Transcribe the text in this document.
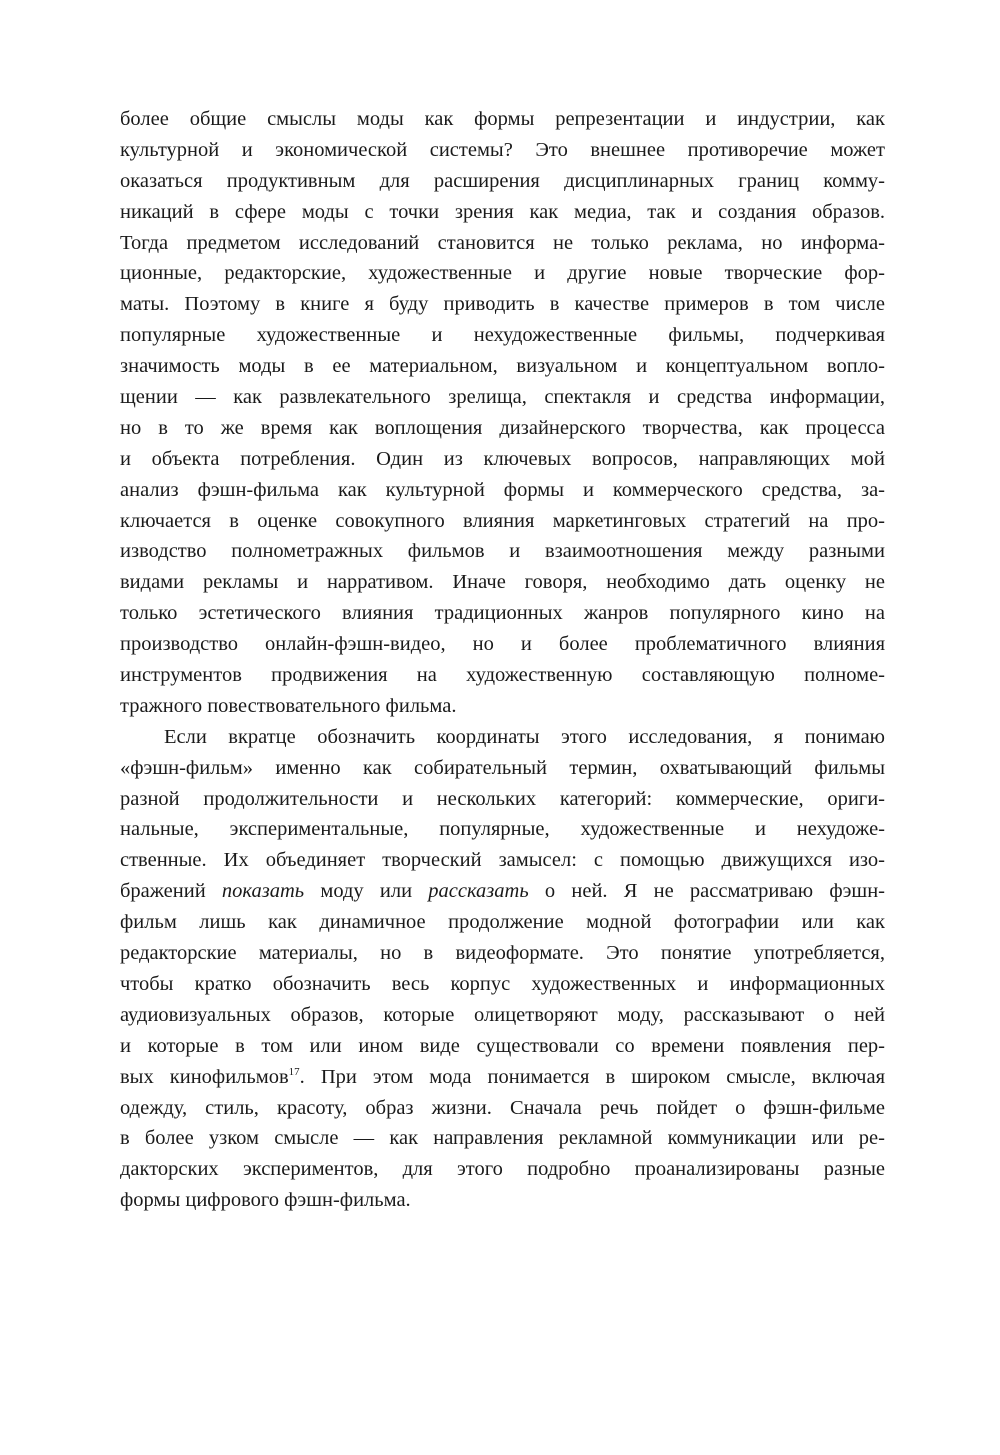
более общие смыслы моды как формы репрезентации и индустрии, как
культурной и экономической системы? Это внешнее противоречие может
оказаться продуктивным для расширения дисциплинарных границ комму-
никаций в сфере моды с точки зрения как медиа, так и создания образов.
Тогда предметом исследований становится не только реклама, но информа-
ционные, редакторские, художественные и другие новые творческие фор-
маты. Поэтому в книге я буду приводить в качестве примеров в том числе
популярные художественные и нехудожественные фильмы, подчеркивая
значимость моды в ее материальном, визуальном и концептуальном вопло-
щении — как развлекательного зрелища, спектакля и средства информации,
но в то же время как воплощения дизайнерского творчества, как процесса
и объекта потребления. Один из ключевых вопросов, направляющих мой
анализ фэшн-фильма как культурной формы и коммерческого средства, за-
ключается в оценке совокупного влияния маркетинговых стратегий на про-
изводство полнометражных фильмов и взаимоотношения между разными
видами рекламы и нарративом. Иначе говоря, необходимо дать оценку не
только эстетического влияния традиционных жанров популярного кино на
производство онлайн-фэшн-видео, но и более проблематичного влияния
инструментов продвижения на художественную составляющую полноме-
тражного повествовательного фильма.
Если вкратце обозначить координаты этого исследования, я понимаю
«фэшн-фильм» именно как собирательный термин, охватывающий фильмы
разной продолжительности и нескольких категорий: коммерческие, ориги-
нальные, экспериментальные, популярные, художественные и нехудоже-
ственные. Их объединяет творческий замысел: с помощью движущихся изо-
бражений показать моду или рассказать о ней. Я не рассматриваю фэшн-
фильм лишь как динамичное продолжение модной фотографии или как
редакторские материалы, но в видеоформате. Это понятие употребляется,
чтобы кратко обозначить весь корпус художественных и информационных
аудиовизуальных образов, которые олицетворяют моду, рассказывают о ней
и которые в том или ином виде существовали со времени появления пер-
вых кинофильмов$^{17}$. При этом мода понимается в широком смысле, включая
одежду, стиль, красоту, образ жизни. Сначала речь пойдет о фэшн-фильме
в более узком смысле — как направления рекламной коммуникации или ре-
дакторских экспериментов, для этого подробно проанализированы разные
формы цифрового фэшн-фильма.
